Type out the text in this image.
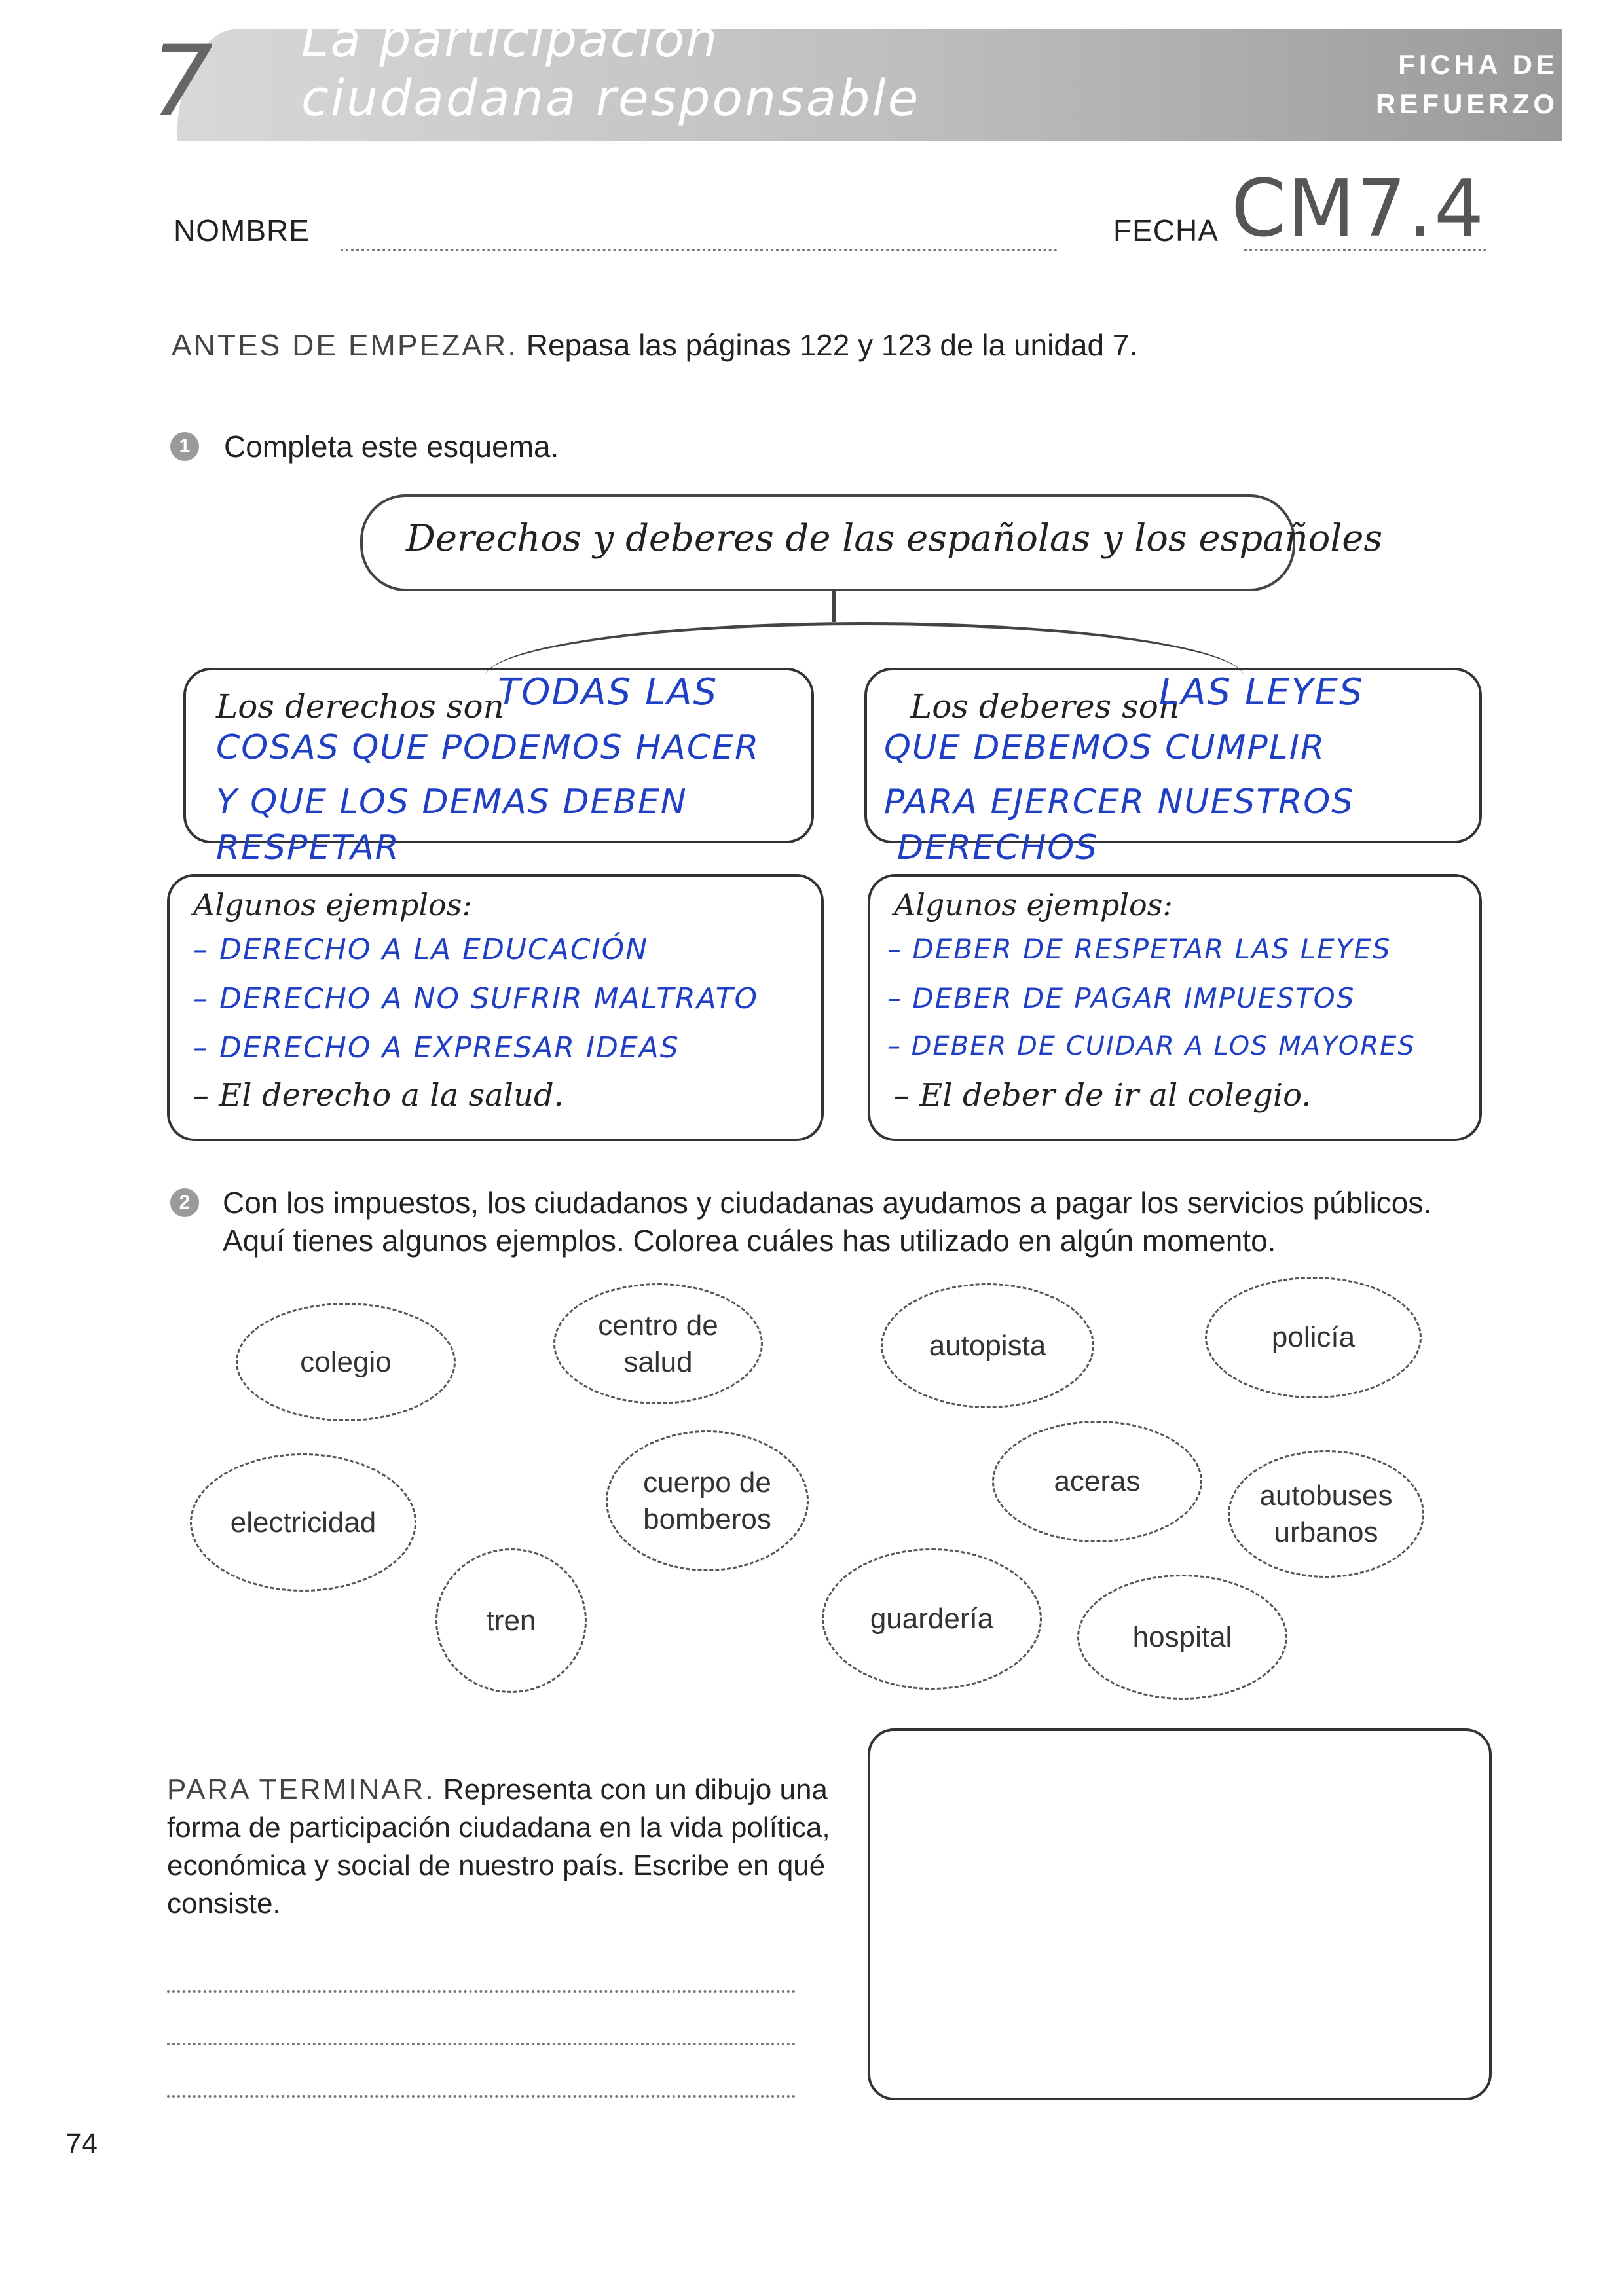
7	La participación
ciudadana responsable
FICHA DE
REFUERZO
NOMBRE	FECHA CM7.4
ANTES DE EMPEZAR. Repasa las páginas 122 y 123 de la unidad 7.
1 Completa este esquema.
Derechos y deberes de las españolas y los españoles
Los derechos son
TODAS LAS
COSAS QUE PODEMOS HACER
Y QUE LOS DEMAS DEBEN
RESPETAR
Los deberes son
LAS LEYES
QUE DEBEMOS CUMPLIR
PARA EJERCER NUESTROS
DERECHOS
Algunos ejemplos:
– DERECHO A LA EDUCACIÓN
– DERECHO A NO SUFRIR MALTRATO
– DERECHO A EXPRESAR IDEAS
– El derecho a la salud.
Algunos ejemplos:
– DEBER DE RESPETAR LAS LEYES
– DEBER DE PAGAR IMPUESTOS
– DEBER DE CUIDAR A LOS MAYORES
– El deber de ir al colegio.
2 Con los impuestos, los ciudadanos y ciudadanas ayudamos a pagar los servicios públicos.
Aquí tienes algunos ejemplos. Colorea cuáles has utilizado en algún momento.
colegio
centro de salud
autopista	policía
electricidad
cuerpo de bomberos
aceras	autobuses urbanos
tren	guardería
hospital
PARA TERMINAR. Representa con un dibujo una forma de participación ciudadana en la vida política, económica y social de nuestro país. Escribe en qué consiste.
74
